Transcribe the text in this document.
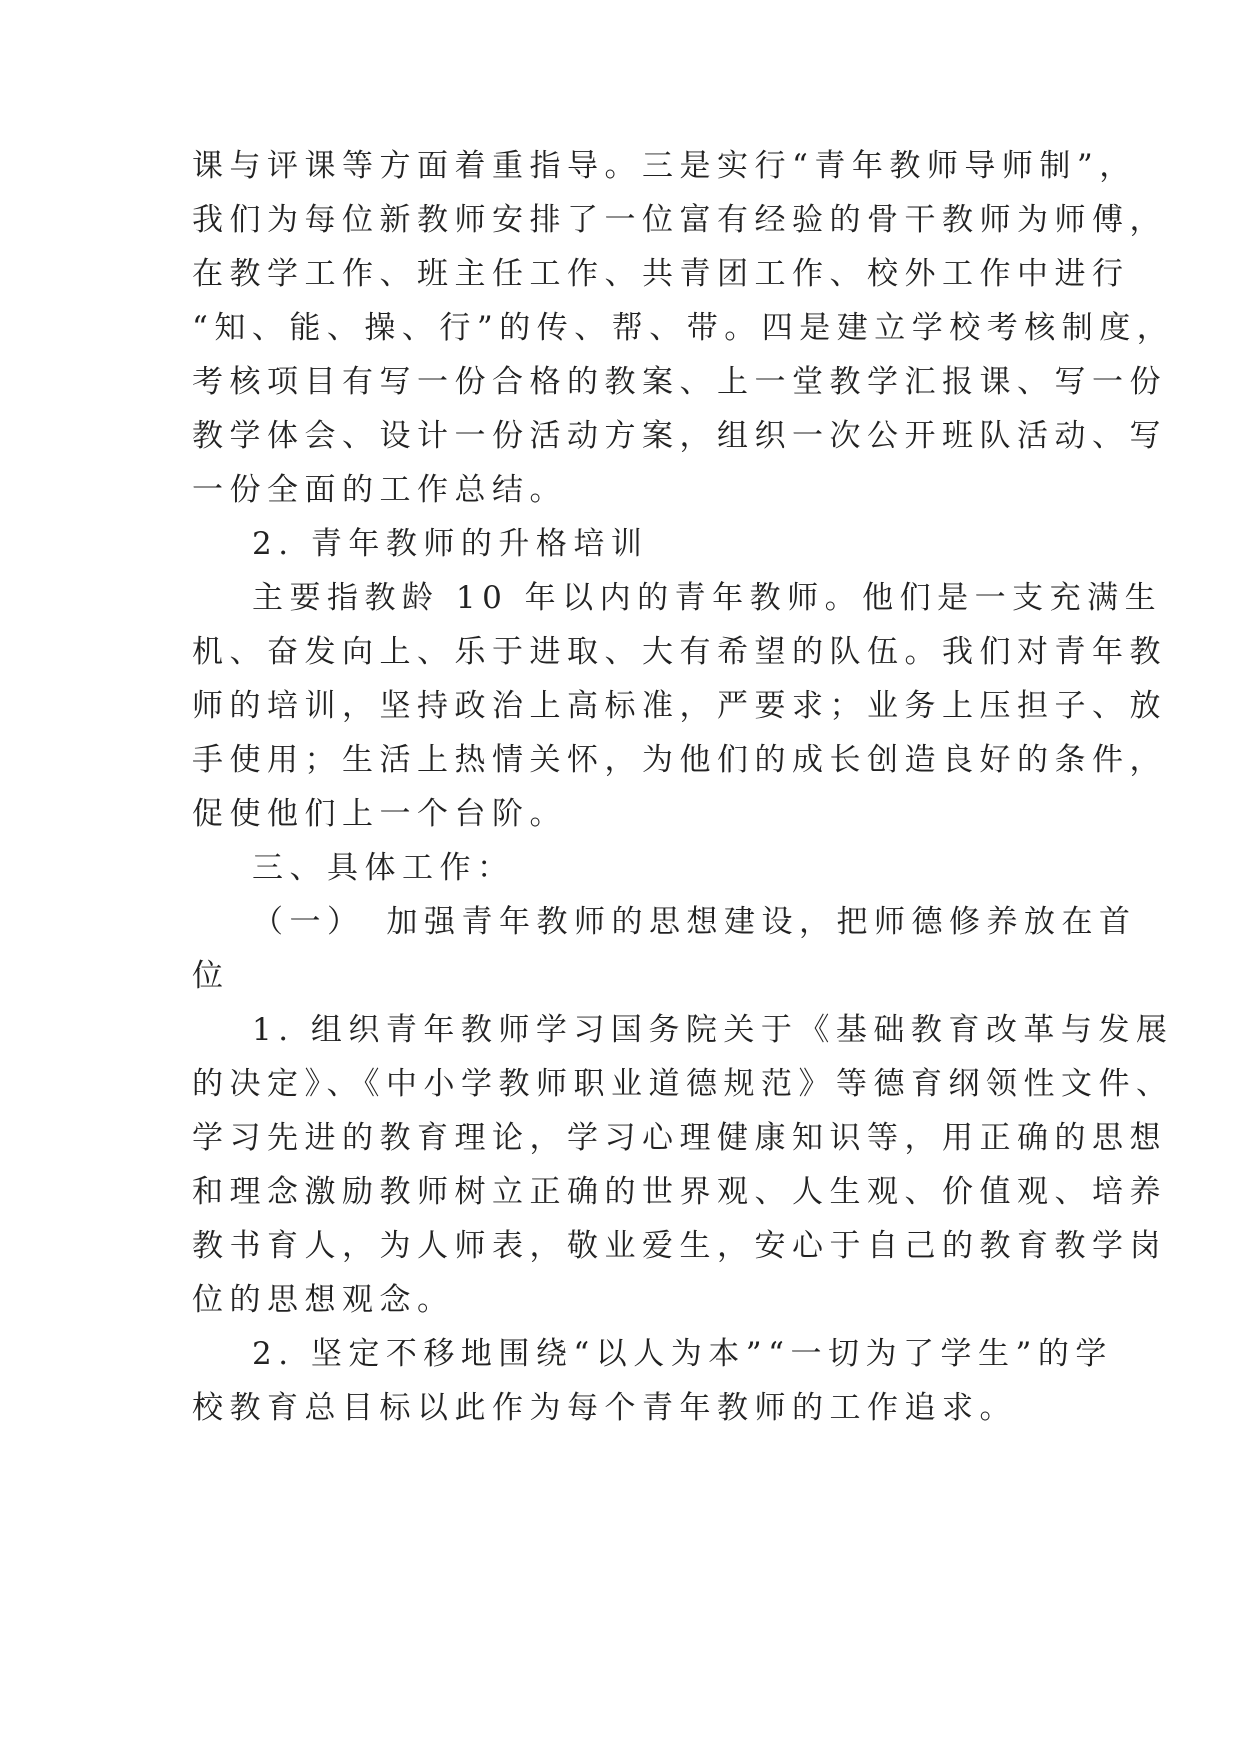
课与评课等方面着重指导。三是实行“青年教师导师制”，
我们为每位新教师安排了一位富有经验的骨干教师为师傅，
在教学工作、班主任工作、共青团工作、校外工作中进行
“知、能、操、行”的传、帮、带。四是建立学校考核制度，
考核项目有写一份合格的教案、上一堂教学汇报课、写一份
教学体会、设计一份活动方案，组织一次公开班队活动、写
一份全面的工作总结。
2. 青年教师的升格培训
主要指教龄 10 年以内的青年教师。他们是一支充满生
机、奋发向上、乐于进取、大有希望的队伍。我们对青年教
师的培训，坚持政治上高标准，严要求；业务上压担子、放
手使用；生活上热情关怀，为他们的成长创造良好的条件，
促使他们上一个台阶。
三、具体工作：
（一）　加强青年教师的思想建设，把师德修养放在首
位
1. 组织青年教师学习国务院关于《基础教育改革与发展
的决定》、《中小学教师职业道德规范》等德育纲领性文件、
学习先进的教育理论，学习心理健康知识等，用正确的思想
和理念激励教师树立正确的世界观、人生观、价值观、培养
教书育人，为人师表，敬业爱生，安心于自己的教育教学岗
位的思想观念。
2. 坚定不移地围绕“以人为本”“一切为了学生”的学
校教育总目标以此作为每个青年教师的工作追求。
